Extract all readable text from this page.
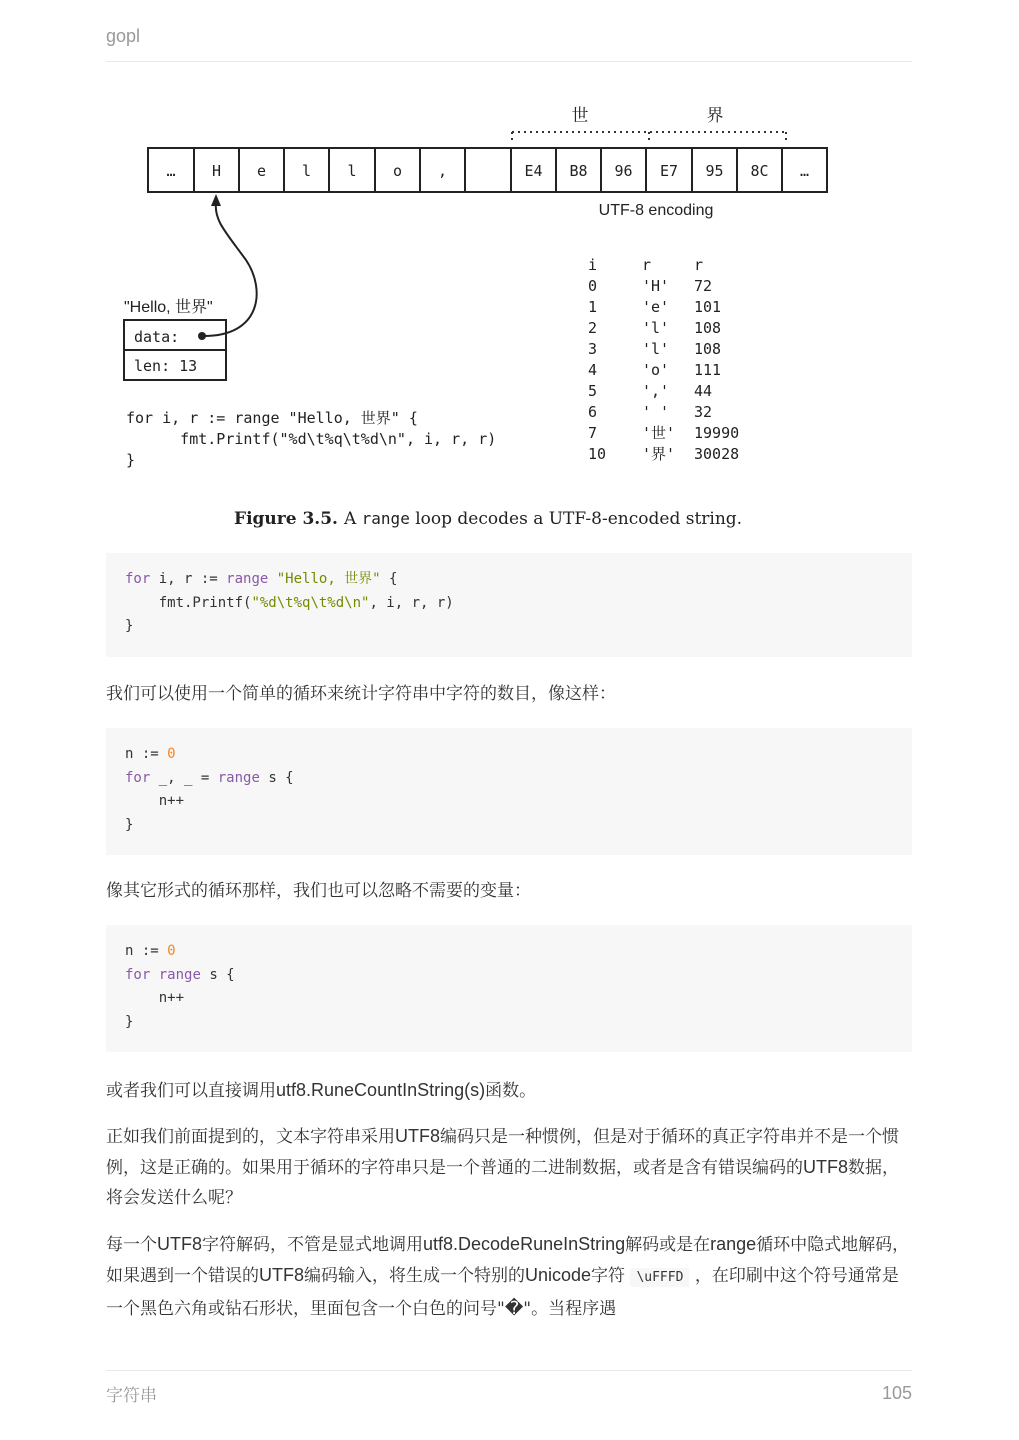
gopl
… H e l l o ,	E4 B8 96 E7 95 8C …
世	界
UTF-8 encoding
"Hello, 世界"
data:
len: 13
for i, r := range "Hello, 世界" {
fmt.Printf("%d\t%q\t%d\n", i, r, r)
}
i	r	r
0	'H' 72
1	'e' 101
2	'l' 108
3	'l' 108
4	'o' 111
5	',' 44
6	' ' 32
7	'世' 19990
10 '界' 30028
Figure 3.5. A range loop decodes a UTF-8-encoded string.
for i, r := range "Hello, 世界" {
fmt.Printf("%d\t%q\t%d\n", i, r, r)
}
我们可以使用一个简单的循环来统计字符串中字符的数目，像这样：
n := 0
for _, _ = range s {
n++
}
像其它形式的循环那样，我们也可以忽略不需要的变量：
n := 0
for range s {
n++
}
或者我们可以直接调用utf8.RuneCountInString(s)函数。
正如我们前面提到的，文本字符串采用UTF8编码只是一种惯例，但是对于循环的真正字符串并不是一个惯例，这是正确的。如果用于循环的字符串只是一个普通的二进制数据，或者是含有错误编码的UTF8数据，将会发送什么呢？
每一个UTF8字符解码，不管是显式地调用utf8.DecodeRuneInString解码或是在range循环中隐式地解码，如果遇到一个错误的UTF8编码输入，将生成一个特别的Unicode字符 \uFFFD ，在印刷中这个符号通常是一个黑色六角或钻石形状，里面包含一个白色的问号"�"。当程序遇
字符串	105
